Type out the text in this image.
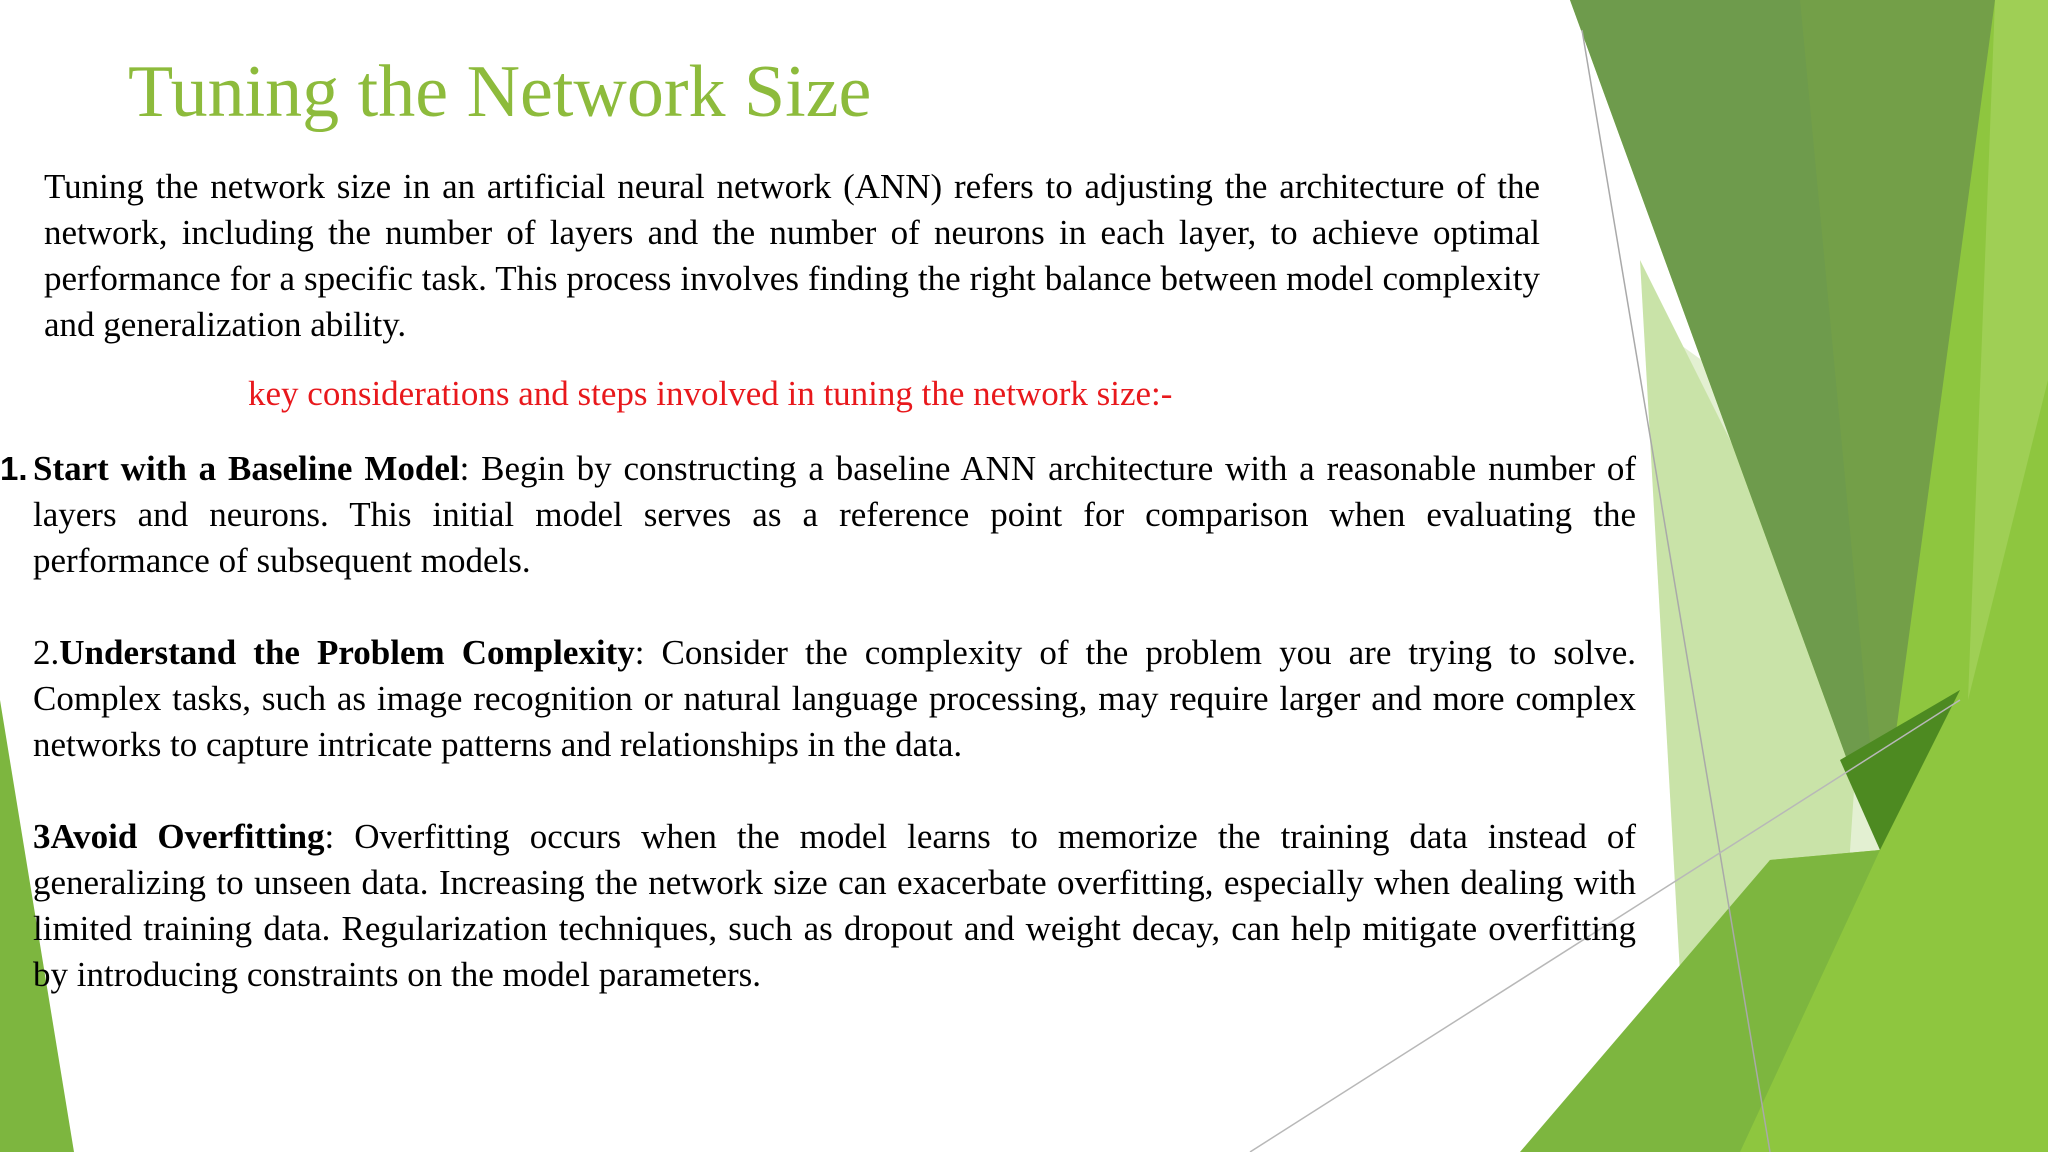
Tuning the Network Size

Tuning the network size in an artificial neural network (ANN) refers to adjusting the architecture of the network, including the number of layers and the number of neurons in each layer, to achieve optimal performance for a specific task. This process involves finding the right balance between model complexity and generalization ability.

key considerations and steps involved in tuning the network size:-

1. Start with a Baseline Model: Begin by constructing a baseline ANN architecture with a reasonable number of layers and neurons. This initial model serves as a reference point for comparison when evaluating the performance of subsequent models.

2.Understand the Problem Complexity: Consider the complexity of the problem you are trying to solve. Complex tasks, such as image recognition or natural language processing, may require larger and more complex networks to capture intricate patterns and relationships in the data.

3Avoid Overfitting: Overfitting occurs when the model learns to memorize the training data instead of generalizing to unseen data. Increasing the network size can exacerbate overfitting, especially when dealing with limited training data. Regularization techniques, such as dropout and weight decay, can help mitigate overfitting by introducing constraints on the model parameters.
